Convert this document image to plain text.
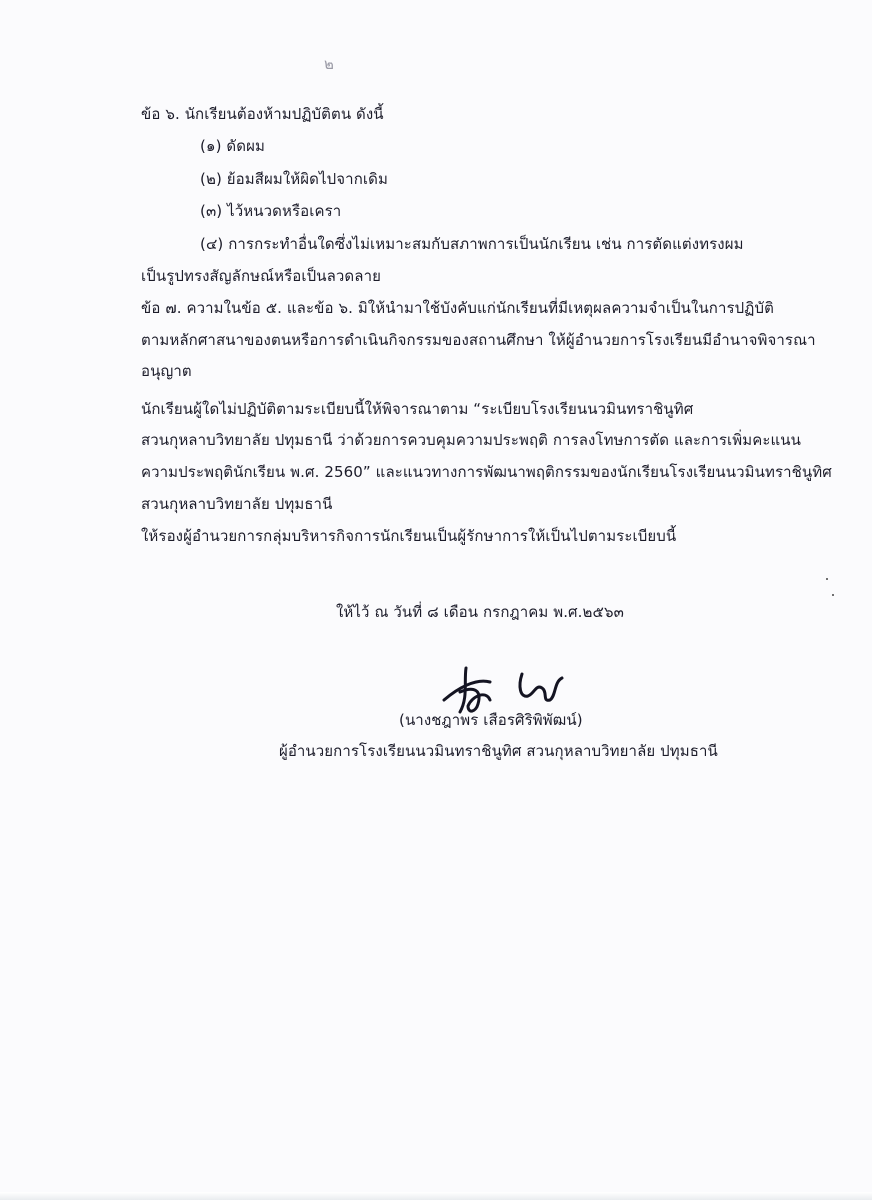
๒
ข้อ ๖. นักเรียนต้องห้ามปฏิบัติตน ดังนี้
(๑) ดัดผม
(๒) ย้อมสีผมให้ผิดไปจากเดิม
(๓) ไว้หนวดหรือเครา
(๔) การกระทำอื่นใดซึ่งไม่เหมาะสมกับสภาพการเป็นนักเรียน เช่น การตัดแต่งทรงผม
เป็นรูปทรงสัญลักษณ์หรือเป็นลวดลาย
ข้อ ๗. ความในข้อ ๕. และข้อ ๖. มิให้นำมาใช้บังคับแก่นักเรียนที่มีเหตุผลความจำเป็นในการปฏิบัติ
ตามหลักศาสนาของตนหรือการดำเนินกิจกรรมของสถานศึกษา ให้ผู้อำนวยการโรงเรียนมีอำนาจพิจารณา
อนุญาต
นักเรียนผู้ใดไม่ปฏิบัติตามระเบียบนี้ให้พิจารณาตาม “ระเบียบโรงเรียนนวมินทราชินูทิศ
สวนกุหลาบวิทยาลัย ปทุมธานี ว่าด้วยการควบคุมความประพฤติ การลงโทษการตัด และการเพิ่มคะแนน
ความประพฤตินักเรียน พ.ศ. 2560” และแนวทางการพัฒนาพฤติกรรมของนักเรียนโรงเรียนนวมินทราชินูทิศ
สวนกุหลาบวิทยาลัย ปทุมธานี
ให้รองผู้อำนวยการกลุ่มบริหารกิจการนักเรียนเป็นผู้รักษาการให้เป็นไปตามระเบียบนี้
ให้ไว้ ณ วันที่ ๘ เดือน กรกฎาคม พ.ศ.๒๕๖๓
(นางชฎาพร เสือรศิริพิพัฒน์)
ผู้อำนวยการโรงเรียนนวมินทราชินูทิศ สวนกุหลาบวิทยาลัย ปทุมธานี
